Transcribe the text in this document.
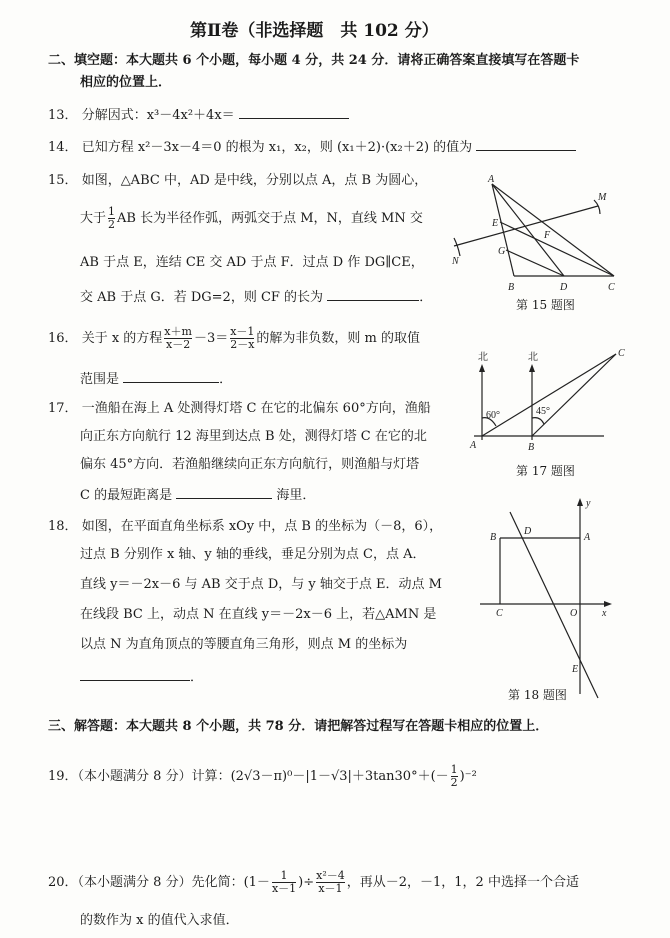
第Ⅱ卷（非选择题　共 102 分）
二、填空题：本大题共 6 个小题，每小题 4 分，共 24 分．请将正确答案直接填写在答题卡
相应的位置上．
13． 分解因式：x³－4x²＋4x＝
14． 已知方程 x²－3x－4＝0 的根为 x₁，x₂，则 (x₁＋2)·(x₂＋2) 的值为
15． 如图，△ABC 中，AD 是中线，分别以点 A，点 B 为圆心，
大于 $\frac{1}{2}$ AB 长为半径作弧，两弧交于点 M，N，直线 MN 交
AB 于点 E，连结 CE 交 AD 于点 F．过点 D 作 DG∥CE，
交 AB 于点 G．若 DG=2，则 CF 的长为	．
A
B	C
D
E
F
G
M
N
第 15 题图
16． 关于 x 的方程 $\frac{x+m}{x-2} -3= \frac{x-1}{2-x}$ 的解为非负数，则 m 的取值
范围是	．
北	北
60°	45°
A	B
C
第 17 题图
17． 一渔船在海上 A 处测得灯塔 C 在它的北偏东 60°方向，渔船
向正东方向航行 12 海里到达点 B 处，测得灯塔 C 在它的北
偏东 45°方向．若渔船继续向正东方向航行，则渔船与灯塔
C 的最短距离是	海里．
18． 如图，在平面直角坐标系 xOy 中，点 B 的坐标为（－8，6），
过点 B 分别作 x 轴、y 轴的垂线，垂足分别为点 C，点 A．
直线 y＝－2x－6 与 AB 交于点 D，与 y 轴交于点 E．动点 M
在线段 BC 上，动点 N 在直线 y＝－2x－6 上，若△AMN 是
以点 N 为直角顶点的等腰直角三角形，则点 M 的坐标为
．
y
x
B
D
A
C	O
E
第 18 题图
三、解答题：本大题共 8 个小题，共 78 分．请把解答过程写在答题卡相应的位置上．
19．（本小题满分 8 分）计算：$(2√3-\pi)^0-|1-√3|+3\tan 30^\circ+(- \frac{1}{2} )^{-2}$
20．（本小题满分 8 分）先化简：($1- \frac{1}{x-1}$ )÷ $\frac{\text{x²－4}}{x-1}$ ，再从－2，－1，1，2 中选择一个合适
的数作为 x 的值代入求值．
